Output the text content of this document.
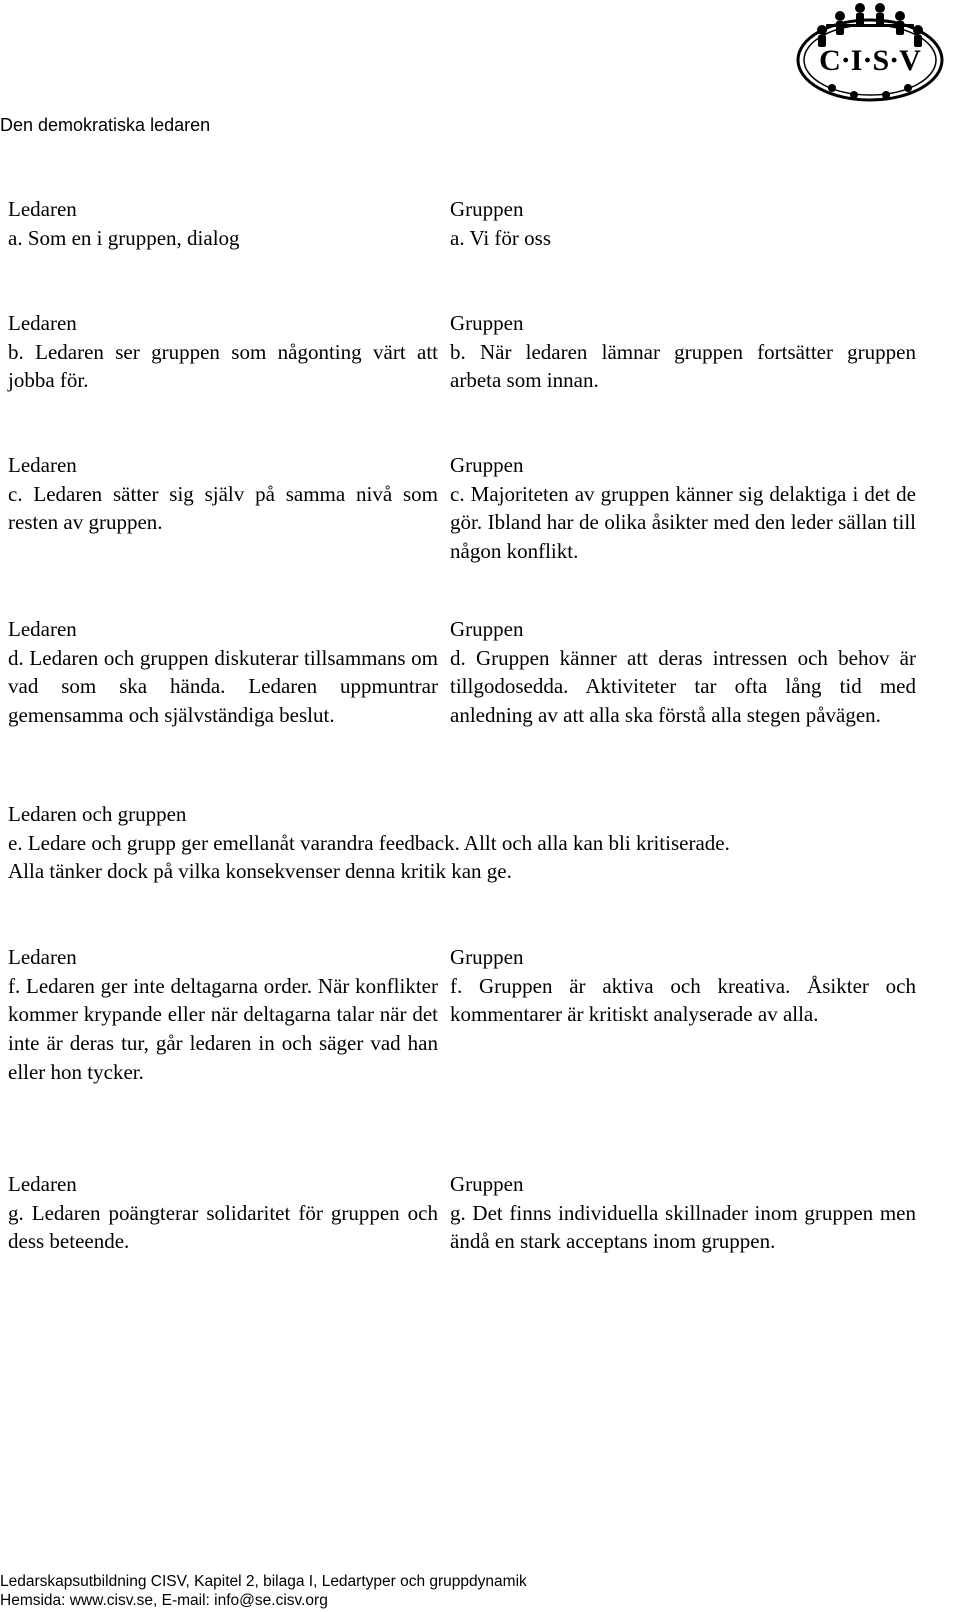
Den demokratiska ledaren
C·I·S·V
Ledaren
a. Som en i gruppen, dialog
Gruppen
a. Vi för oss
Ledaren
b. Ledaren ser gruppen som någonting värt att jobba för.
Gruppen
b. När ledaren lämnar gruppen fortsätter gruppen arbeta som innan.
Ledaren
c. Ledaren sätter sig själv på samma nivå som resten av gruppen.
Gruppen
c. Majoriteten av gruppen känner sig delaktiga i det de gör. Ibland har de olika åsikter med den leder sällan till någon konflikt.
Ledaren
d. Ledaren och gruppen diskuterar tillsammans om vad som ska hända. Ledaren uppmuntrar gemensamma och självständiga beslut.
Gruppen
d. Gruppen känner att deras intressen och behov är tillgodosedda. Aktiviteter tar ofta lång tid med anledning av att alla ska förstå alla stegen påvägen.
Ledaren och gruppen
e. Ledare och grupp ger emellanåt varandra feedback. Allt och alla kan bli kritiserade.
Alla tänker dock på vilka konsekvenser denna kritik kan ge.
Ledaren
f. Ledaren ger inte deltagarna order. När konflikter kommer krypande eller när deltagarna talar när det inte är deras tur, går ledaren in och säger vad han eller hon tycker.
Gruppen
f. Gruppen är aktiva och kreativa. Åsikter och kommentarer är kritiskt analyserade av alla.
Ledaren
g. Ledaren poängterar solidaritet för gruppen och dess beteende.
Gruppen
g. Det finns individuella skillnader inom gruppen men ändå en stark acceptans inom gruppen.
Ledarskapsutbildning CISV, Kapitel 2, bilaga I, Ledartyper och gruppdynamik
Hemsida: www.cisv.se, E-mail: info@se.cisv.org
